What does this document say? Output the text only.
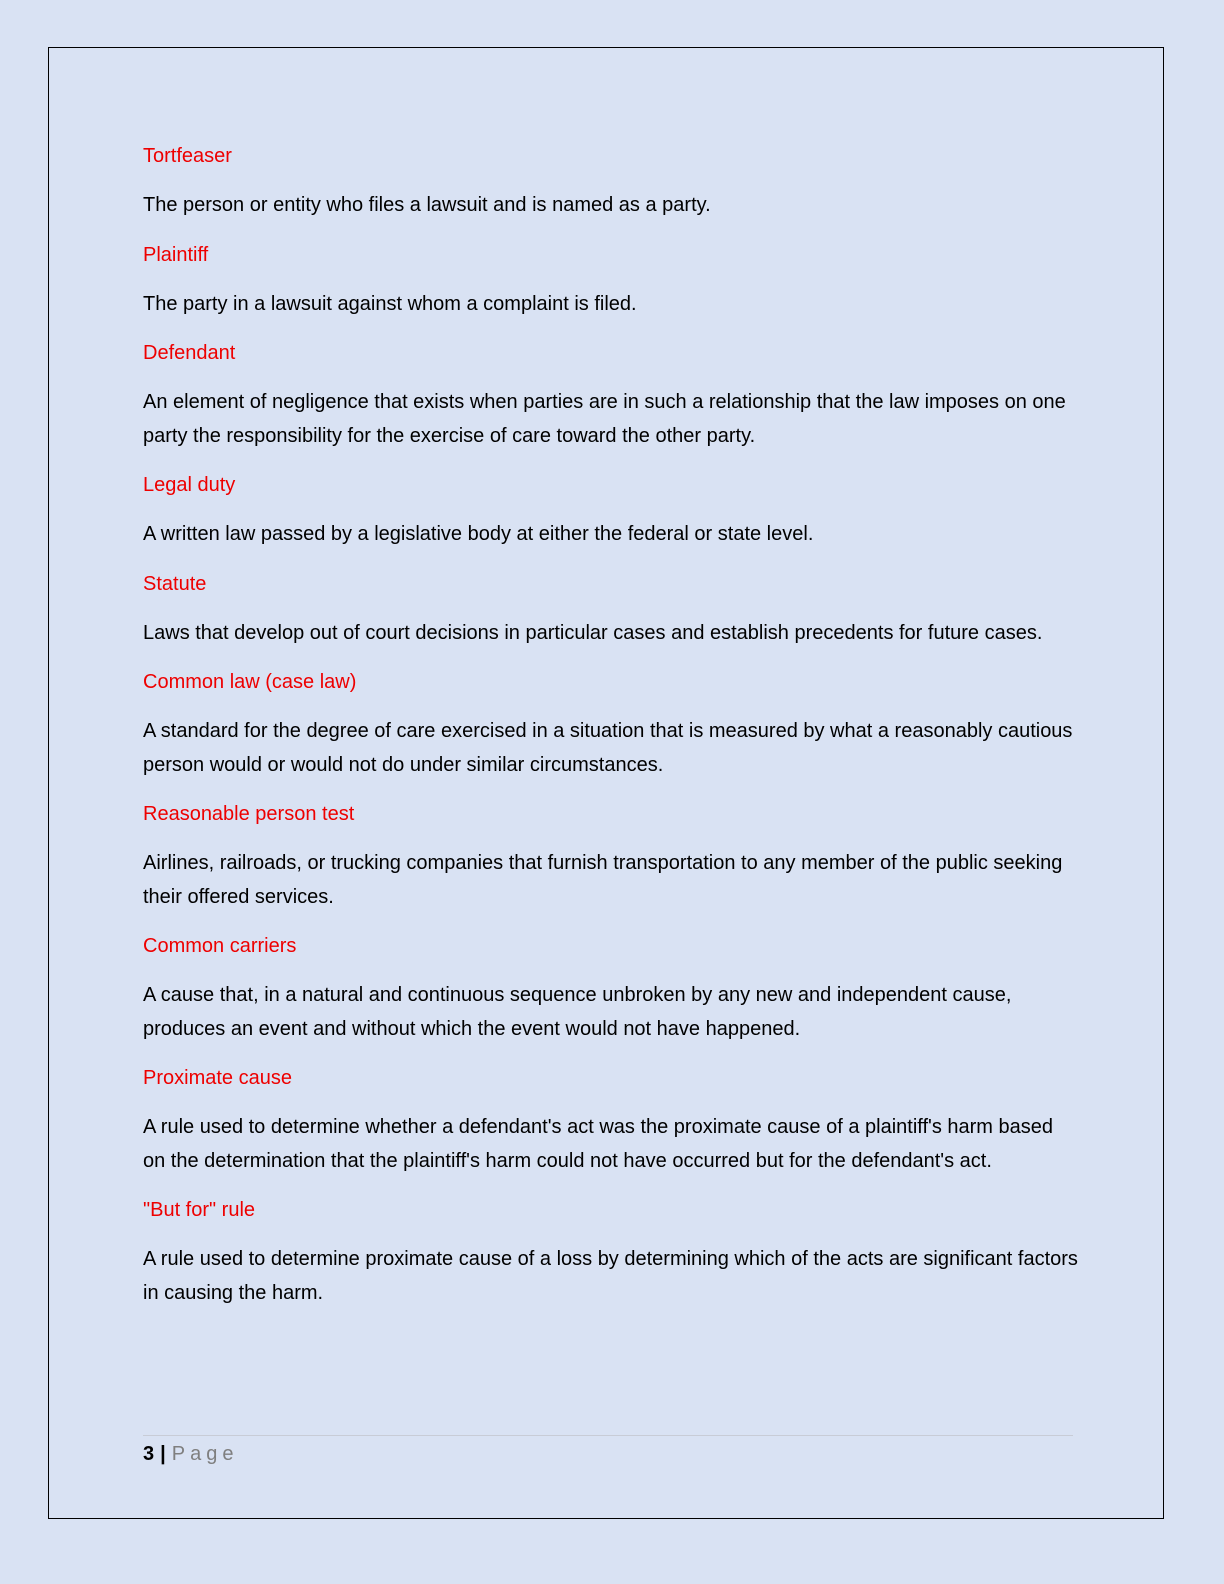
Tortfeaser

The person or entity who files a lawsuit and is named as a party.

Plaintiff

The party in a lawsuit against whom a complaint is filed.

Defendant

An element of negligence that exists when parties are in such a relationship that the law imposes on one party the responsibility for the exercise of care toward the other party.

Legal duty

A written law passed by a legislative body at either the federal or state level.

Statute

Laws that develop out of court decisions in particular cases and establish precedents for future cases.

Common law (case law)

A standard for the degree of care exercised in a situation that is measured by what a reasonably cautious person would or would not do under similar circumstances.

Reasonable person test

Airlines, railroads, or trucking companies that furnish transportation to any member of the public seeking their offered services.

Common carriers

A cause that, in a natural and continuous sequence unbroken by any new and independent cause, produces an event and without which the event would not have happened.

Proximate cause

A rule used to determine whether a defendant's act was the proximate cause of a plaintiff's harm based on the determination that the plaintiff's harm could not have occurred but for the defendant's act.

"But for" rule

A rule used to determine proximate cause of a loss by determining which of the acts are significant factors in causing the harm.

3 | Page
